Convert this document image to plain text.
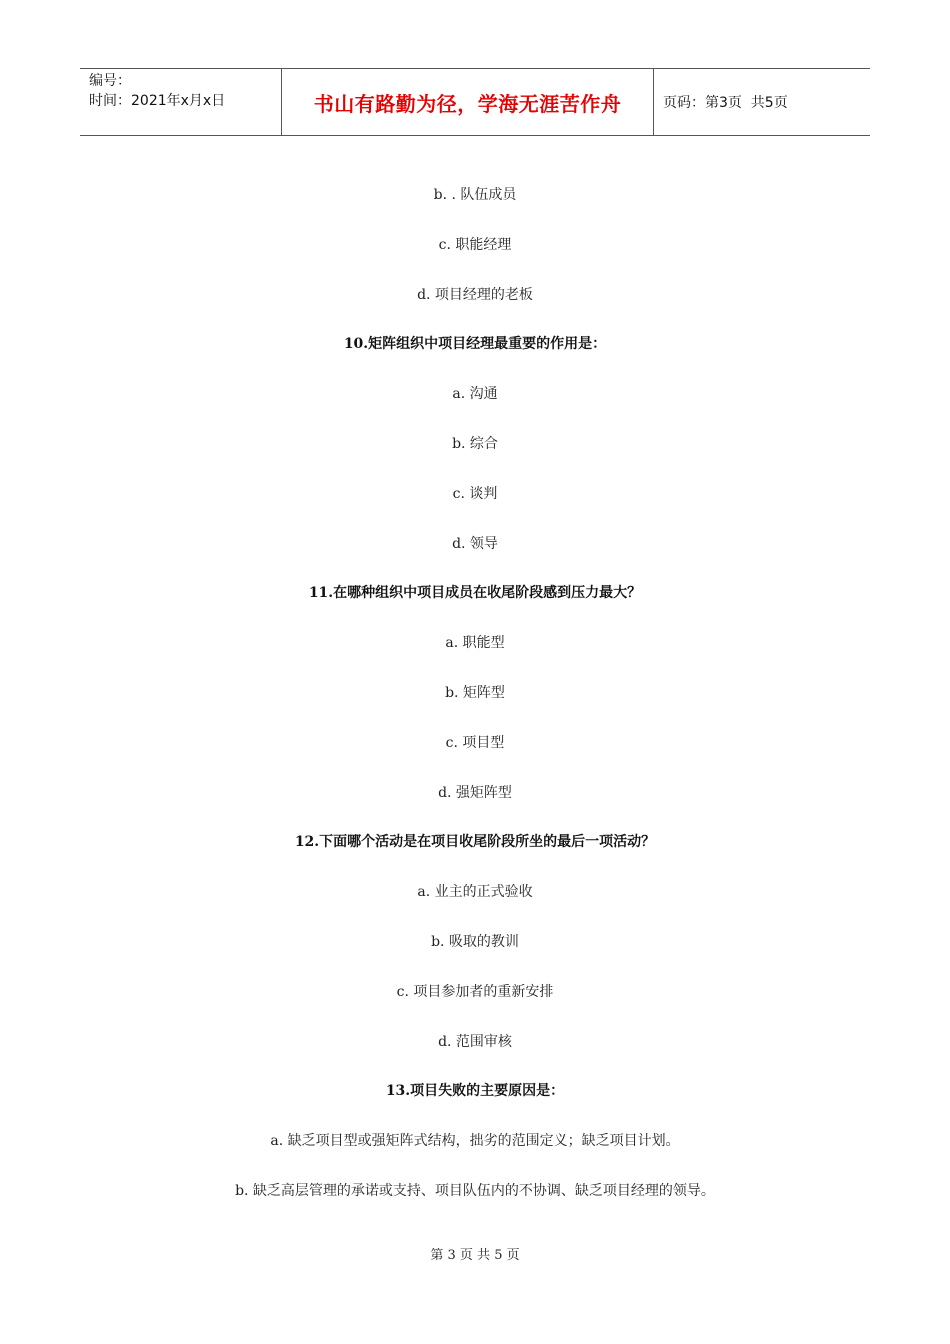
编号：
时间：2021年x月x日	书山有路勤为径，学海无涯苦作舟	页码：第3页  共5页
b. . 队伍成员
c. 职能经理
d. 项目经理的老板
10.矩阵组织中项目经理最重要的作用是：
a. 沟通
b. 综合
c. 谈判
d. 领导
11.在哪种组织中项目成员在收尾阶段感到压力最大？
a. 职能型
b. 矩阵型
c. 项目型
d. 强矩阵型
12.下面哪个活动是在项目收尾阶段所坐的最后一项活动？
a. 业主的正式验收
b. 吸取的教训
c. 项目参加者的重新安排
d. 范围审核
13.项目失败的主要原因是：
a. 缺乏项目型或强矩阵式结构，拙劣的范围定义；缺乏项目计划。
b. 缺乏高层管理的承诺或支持、项目队伍内的不协调、缺乏项目经理的领导。
第 3 页 共 5 页
